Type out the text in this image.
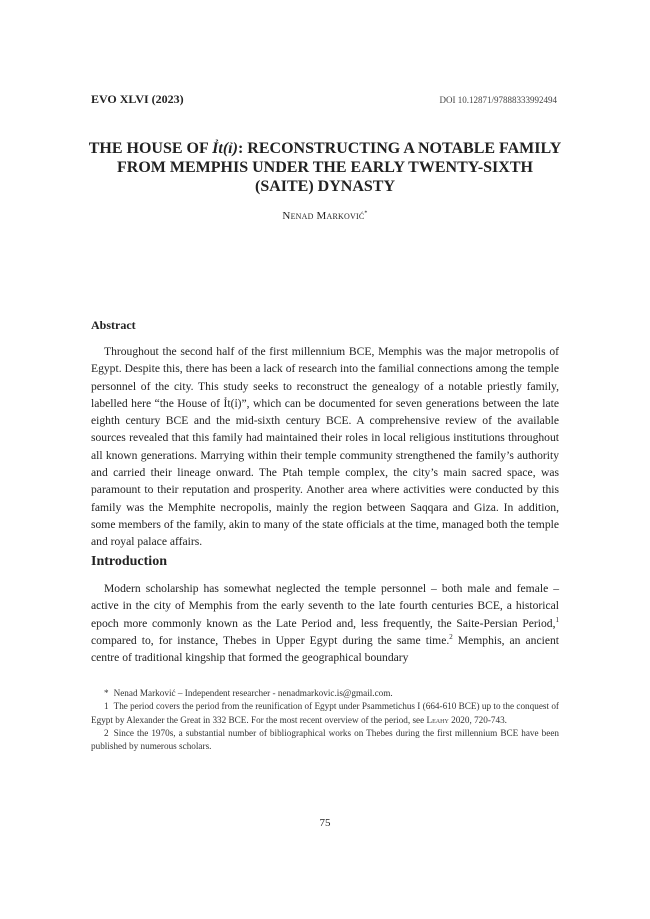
EVO XLVI (2023)	DOI 10.12871/97888333992494
THE HOUSE OF Ỉt(ỉ): RECONSTRUCTING A NOTABLE FAMILY
FROM MEMPHIS UNDER THE EARLY TWENTY-SIXTH
(SAITE) DYNASTY
Nenad Marković*
Abstract

Throughout the second half of the first millennium BCE, Memphis was the major metropolis of Egypt. Despite this, there has been a lack of research into the familial connections among the temple personnel of the city. This study seeks to reconstruct the genealogy of a notable priestly family, labelled here “the House of Ỉt(ỉ)”, which can be documented for seven generations between the late eighth century BCE and the mid-sixth century BCE. A comprehensive review of the available sources revealed that this family had maintained their roles in local religious institutions throughout all known generations. Marrying within their temple community strengthened the family’s authority and carried their lineage onward. The Ptah temple complex, the city’s main sacred space, was paramount to their reputation and prosperity. Another area where activities were conducted by this family was the Memphite necropolis, mainly the region between Saqqara and Giza. In addition, some members of the family, akin to many of the state officials at the time, managed both the temple and royal palace affairs.

Introduction

Modern scholarship has somewhat neglected the temple personnel – both male and female – active in the city of Memphis from the early seventh to the late fourth centuries BCE, a historical epoch more commonly known as the Late Period and, less frequently, the Saite-Persian Period,$^1$ compared to, for instance, Thebes in Upper Egypt during the same time.$^2$ Memphis, an ancient centre of traditional kingship that formed the geographical boundary

* Nenad Marković – Independent researcher - nenadmarkovic.is@gmail.com.

1 The period covers the period from the reunification of Egypt under Psammetichus I (664-610 BCE) up to the conquest of Egypt by Alexander the Great in 332 BCE. For the most recent overview of the period, see Leahy 2020, 720-743.

2 Since the 1970s, a substantial number of bibliographical works on Thebes during the first millennium BCE have been published by numerous scholars.

75
